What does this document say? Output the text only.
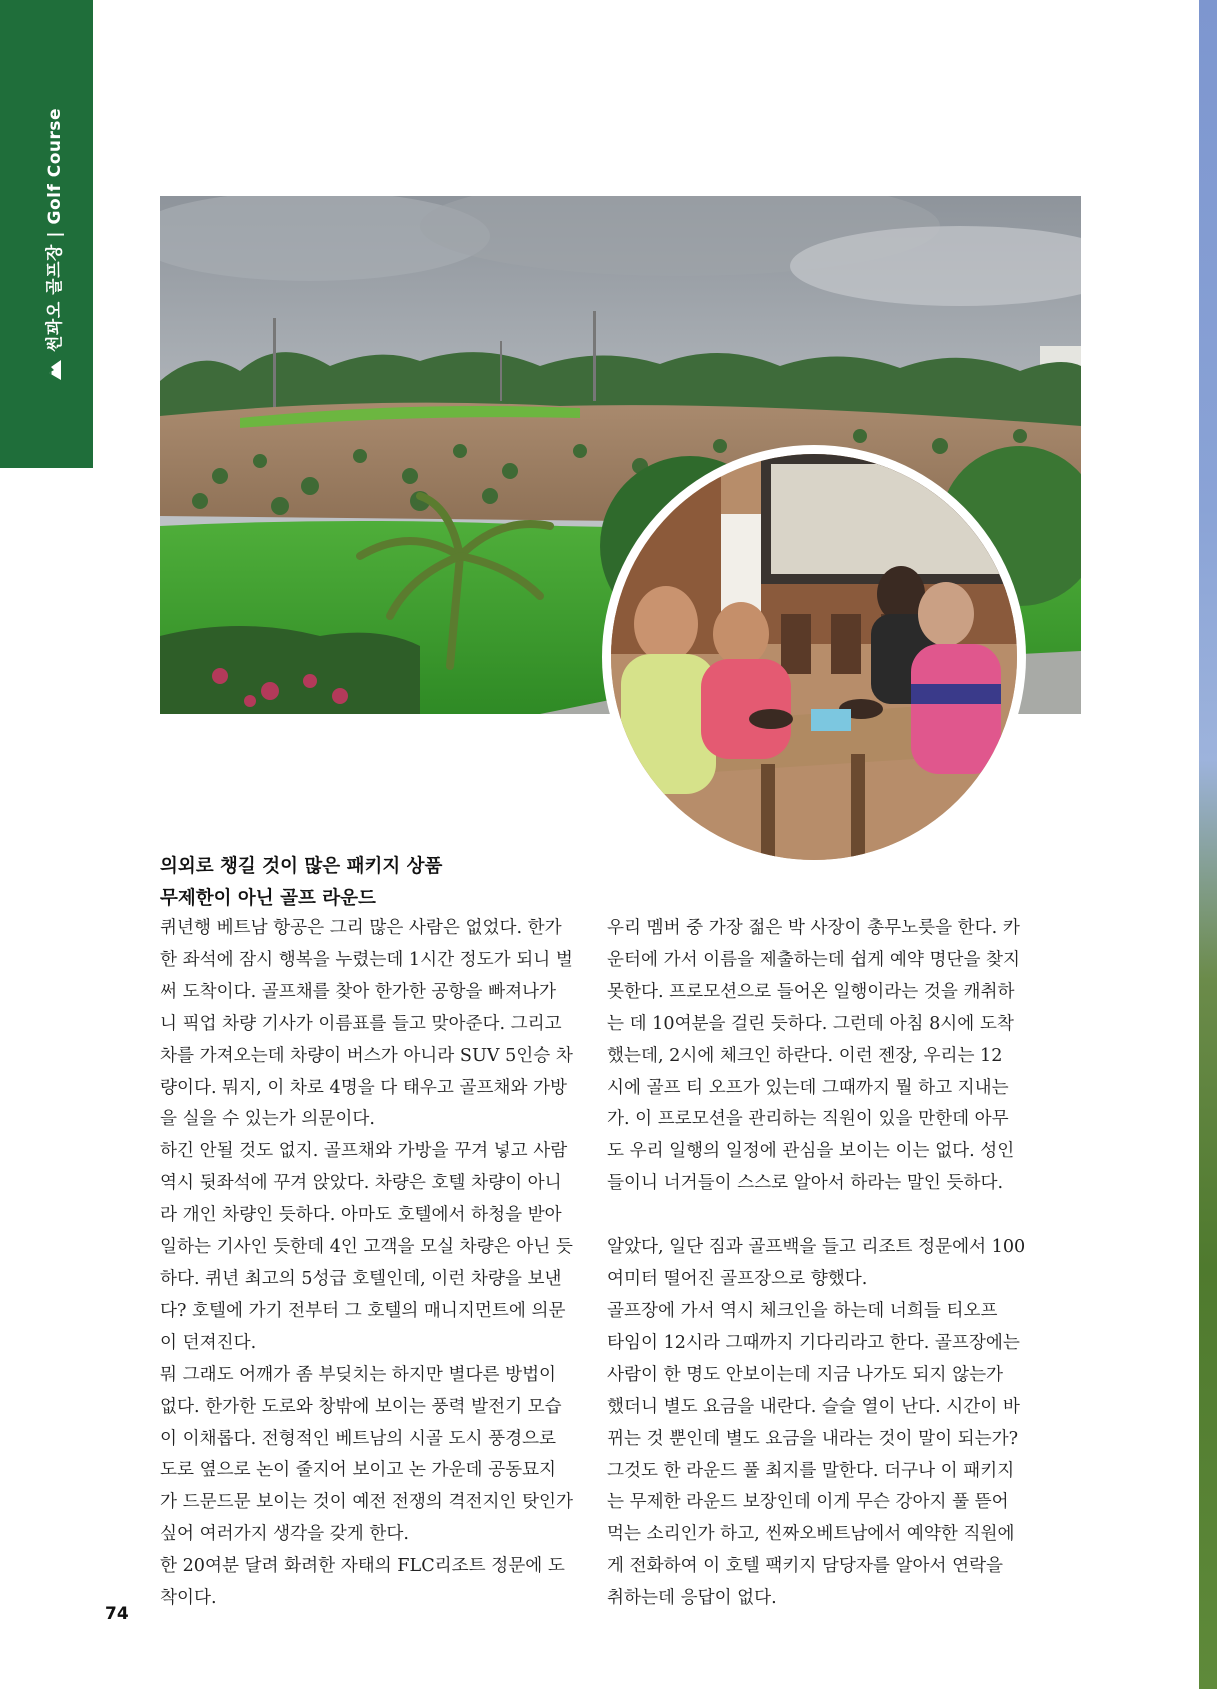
썬꽈오 골프장 | Golf Course
의외로 챙길 것이 많은 패키지 상품
무제한이 아닌 골프 라운드

퀴년행 베트남 항공은 그리 많은 사람은 없었다. 한가
한 좌석에 잠시 행복을 누렸는데 1시간 정도가 되니 벌
써 도착이다. 골프채를 찾아 한가한 공항을 빠져나가
니 픽업 차량 기사가 이름표를 들고 맞아준다. 그리고
차를 가져오는데 차량이 버스가 아니라 SUV 5인승 차
량이다. 뭐지, 이 차로 4명을 다 태우고 골프채와 가방
을 실을 수 있는가 의문이다.

하긴 안될 것도 없지. 골프채와 가방을 꾸겨 넣고 사람
역시 뒷좌석에 꾸겨 앉았다. 차량은 호텔 차량이 아니
라 개인 차량인 듯하다. 아마도 호텔에서 하청을 받아
일하는 기사인 듯한데 4인 고객을 모실 차량은 아닌 듯
하다. 퀴년 최고의 5성급 호텔인데, 이런 차량을 보낸
다? 호텔에 가기 전부터 그 호텔의 매니지먼트에 의문
이 던져진다.

뭐 그래도 어깨가 좀 부딪치는 하지만 별다른 방법이
없다. 한가한 도로와 창밖에 보이는 풍력 발전기 모습
이 이채롭다. 전형적인 베트남의 시골 도시 풍경으로
도로 옆으로 논이 줄지어 보이고 논 가운데 공동묘지
가 드문드문 보이는 것이 예전 전쟁의 격전지인 탓인가
싶어 여러가지 생각을 갖게 한다.

한 20여분 달려 화려한 자태의 FLC리조트 정문에 도
착이다.

우리 멤버 중 가장 젊은 박 사장이 총무노릇을 한다. 카
운터에 가서 이름을 제출하는데 쉽게 예약 명단을 찾지
못한다. 프로모션으로 들어온 일행이라는 것을 캐취하
는 데 10여분을 걸린 듯하다. 그런데 아침 8시에 도착
했는데, 2시에 체크인 하란다. 이런 젠장, 우리는 12
시에 골프 티 오프가 있는데 그때까지 뭘 하고 지내는
가. 이 프로모션을 관리하는 직원이 있을 만한데 아무
도 우리 일행의 일정에 관심을 보이는 이는 없다. 성인
들이니 너거들이 스스로 알아서 하라는 말인 듯하다.

알았다, 일단 짐과 골프백을 들고 리조트 정문에서 100
여미터 떨어진 골프장으로 향했다.

골프장에 가서 역시 체크인을 하는데 너희들 티오프
타임이 12시라 그때까지 기다리라고 한다. 골프장에는
사람이 한 명도 안보이는데 지금 나가도 되지 않는가
했더니 별도 요금을 내란다. 슬슬 열이 난다. 시간이 바
뀌는 것 뿐인데 별도 요금을 내라는 것이 말이 되는가?
그것도 한 라운드 풀 최지를 말한다. 더구나 이 패키지
는 무제한 라운드 보장인데 이게 무슨 강아지 풀 뜯어
먹는 소리인가 하고, 씬짜오베트남에서 예약한 직원에
게 전화하여 이 호텔 팩키지 담당자를 알아서 연락을
취하는데 응답이 없다.

74
